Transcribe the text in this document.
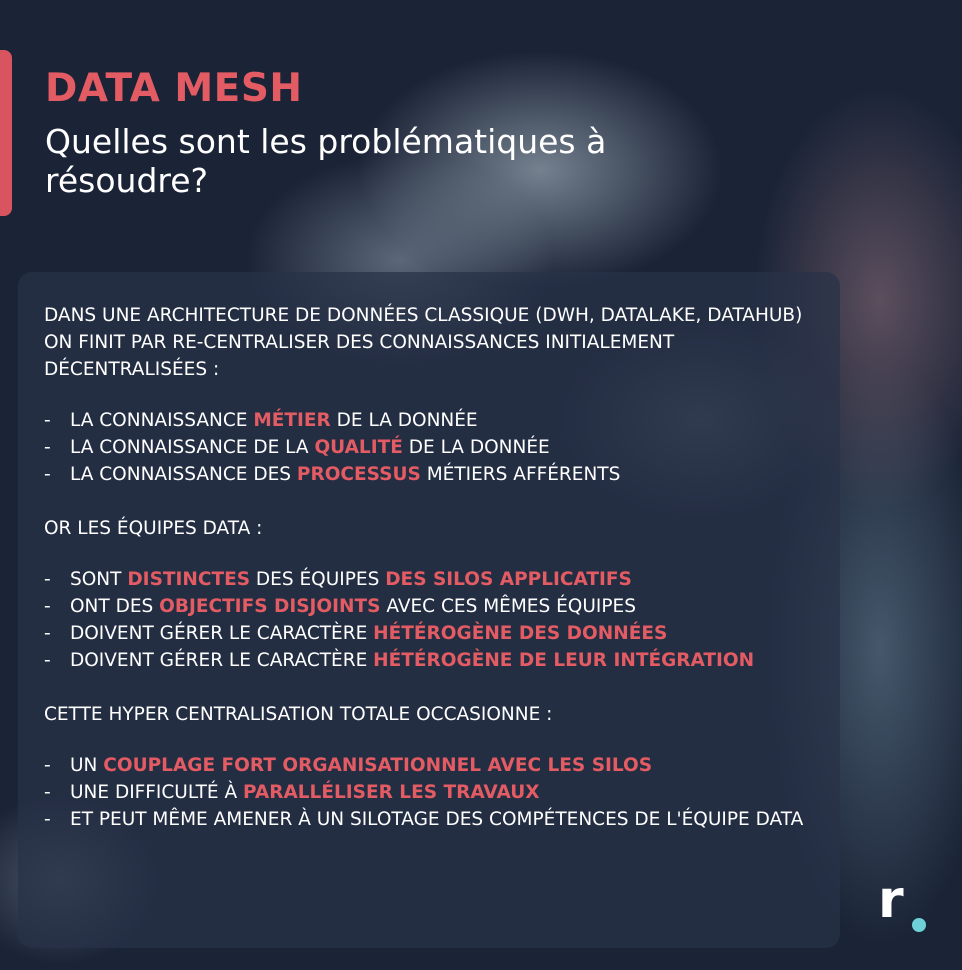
DATA MESH
Quelles sont les problématiques à résoudre?

DANS UNE ARCHITECTURE DE DONNÉES CLASSIQUE (DWH, DATALAKE, DATAHUB) ON FINIT PAR RE-CENTRALISER DES CONNAISSANCES INITIALEMENT DÉCENTRALISÉES :

- LA CONNAISSANCE MÉTIER DE LA DONNÉE
- LA CONNAISSANCE DE LA QUALITÉ DE LA DONNÉE
- LA CONNAISSANCE DES PROCESSUS MÉTIERS AFFÉRENTS

OR LES ÉQUIPES DATA :

- SONT DISTINCTES DES ÉQUIPES DES SILOS APPLICATIFS
- ONT DES OBJECTIFS DISJOINTS AVEC CES MÊMES ÉQUIPES
- DOIVENT GÉRER LE CARACTÈRE HÉTÉROGÈNE DES DONNÉES
- DOIVENT GÉRER LE CARACTÈRE HÉTÉROGÈNE DE LEUR INTÉGRATION

CETTE HYPER CENTRALISATION TOTALE OCCASIONNE :

- UN COUPLAGE FORT ORGANISATIONNEL AVEC LES SILOS
- UNE DIFFICULTÉ À PARALLÉLISER LES TRAVAUX
- ET PEUT MÊME AMENER À UN SILOTAGE DES COMPÉTENCES DE L'ÉQUIPE DATA
r
